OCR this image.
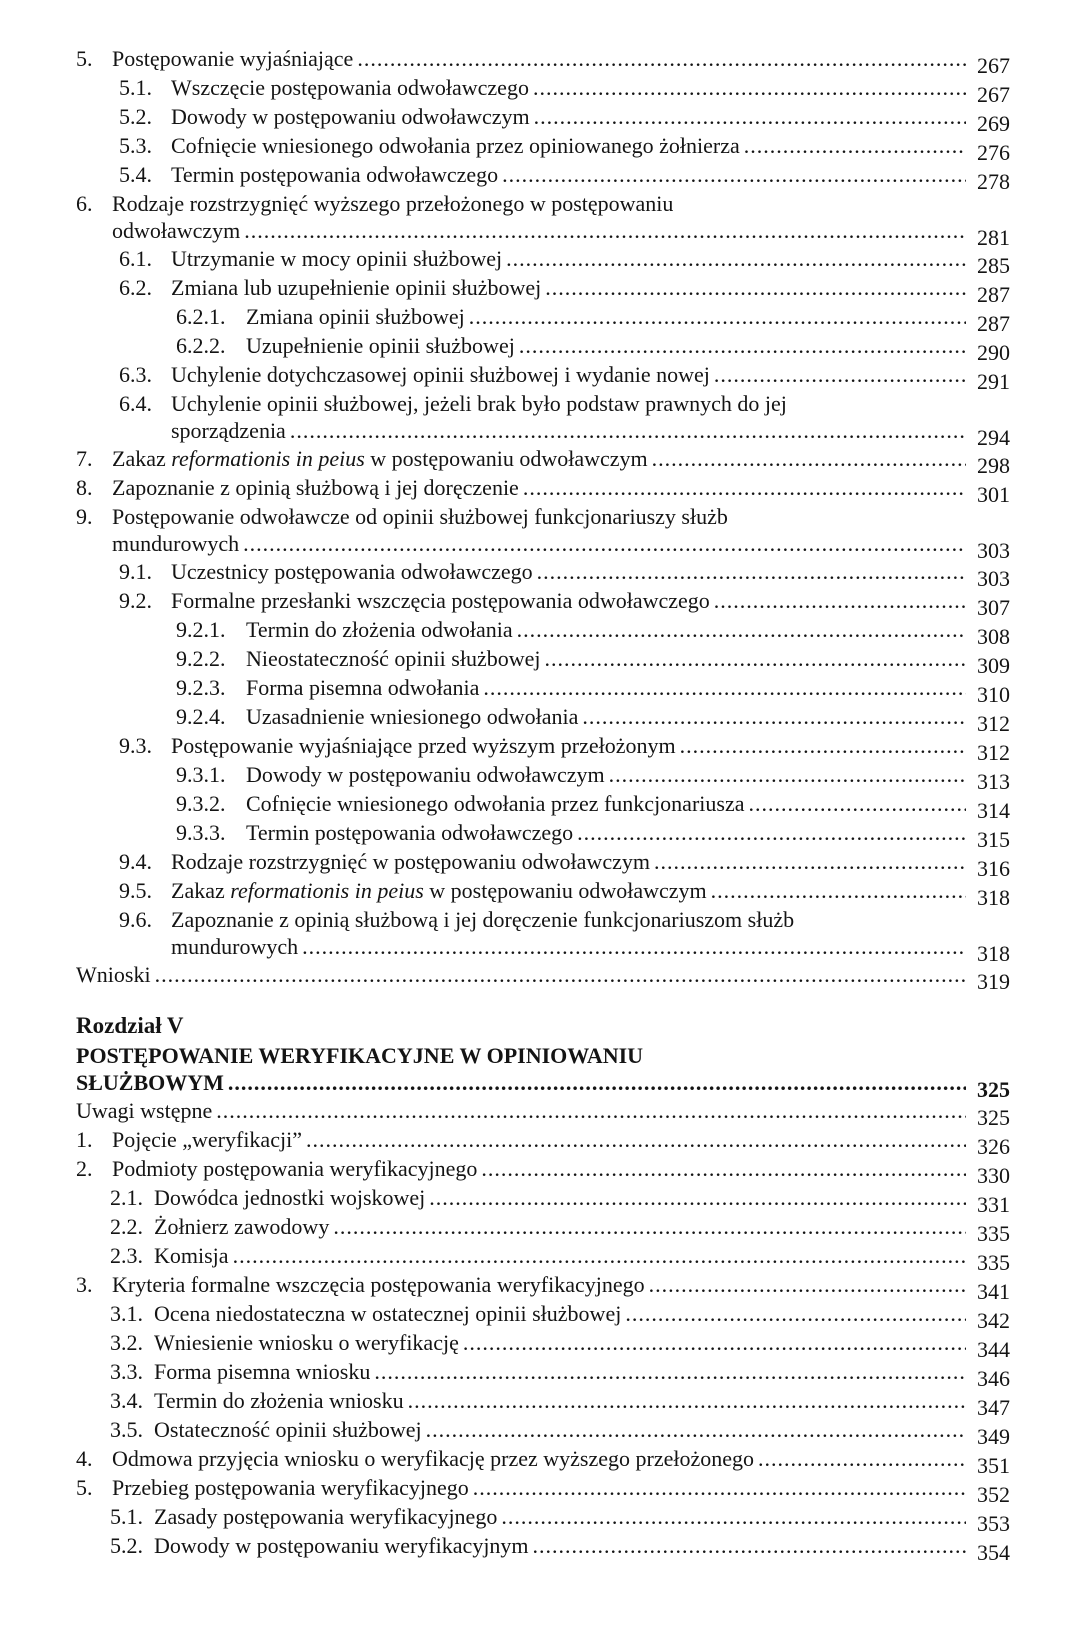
5. Postępowanie wyjaśniające .....	267
5.1. Wszczęcie postępowania odwoławczego .....	267
5.2. Dowody w postępowaniu odwoławczym .....	269
5.3. Cofnięcie wniesionego odwołania przez opiniowanego żołnierza .....	276
5.4. Termin postępowania odwoławczego .....	278
6. Rodzaje rozstrzygnięć wyższego przełożonego w postępowaniu
odwoławczym .....	281
6.1. Utrzymanie w mocy opinii służbowej .....	285
6.2. Zmiana lub uzupełnienie opinii służbowej .....	287
6.2.1. Zmiana opinii służbowej .....	287
6.2.2. Uzupełnienie opinii służbowej .....	290
6.3. Uchylenie dotychczasowej opinii służbowej i wydanie nowej .....	291
6.4. Uchylenie opinii służbowej, jeżeli brak było podstaw prawnych do jej
sporządzenia .....	294
7. Zakaz reformationis in peius w postępowaniu odwoławczym .....	298
8. Zapoznanie z opinią służbową i jej doręczenie .....	301
9. Postępowanie odwoławcze od opinii służbowej funkcjonariuszy służb
mundurowych .....	303
9.1. Uczestnicy postępowania odwoławczego .....	303
9.2. Formalne przesłanki wszczęcia postępowania odwoławczego .....	307
9.2.1. Termin do złożenia odwołania .....	308
9.2.2. Nieostateczność opinii służbowej .....	309
9.2.3. Forma pisemna odwołania .....	310
9.2.4. Uzasadnienie wniesionego odwołania .....	312
9.3. Postępowanie wyjaśniające przed wyższym przełożonym .....	312
9.3.1. Dowody w postępowaniu odwoławczym .....	313
9.3.2. Cofnięcie wniesionego odwołania przez funkcjonariusza .....	314
9.3.3. Termin postępowania odwoławczego .....	315
9.4. Rodzaje rozstrzygnięć w postępowaniu odwoławczym .....	316
9.5. Zakaz reformationis in peius w postępowaniu odwoławczym .....	318
9.6. Zapoznanie z opinią służbową i jej doręczenie funkcjonariuszom służb
mundurowych .....	318
Wnioski .....	319
Rozdział V
POSTĘPOWANIE WERYFIKACYJNE W OPINIOWANIU
SŁUŻBOWYM .....	325
Uwagi wstępne .....	325
1. Pojęcie „weryfikacji” .....	326
2. Podmioty postępowania weryfikacyjnego .....	330
2.1. Dowódca jednostki wojskowej .....	331
2.2. Żołnierz zawodowy .....	335
2.3. Komisja .....	335
3. Kryteria formalne wszczęcia postępowania weryfikacyjnego .....	341
3.1. Ocena niedostateczna w ostatecznej opinii służbowej .....	342
3.2. Wniesienie wniosku o weryfikację .....	344
3.3. Forma pisemna wniosku .....	346
3.4. Termin do złożenia wniosku .....	347
3.5. Ostateczność opinii służbowej .....	349
4. Odmowa przyjęcia wniosku o weryfikację przez wyższego przełożonego .....	351
5. Przebieg postępowania weryfikacyjnego .....	352
5.1. Zasady postępowania weryfikacyjnego .....	353
5.2. Dowody w postępowaniu weryfikacyjnym .....	354
